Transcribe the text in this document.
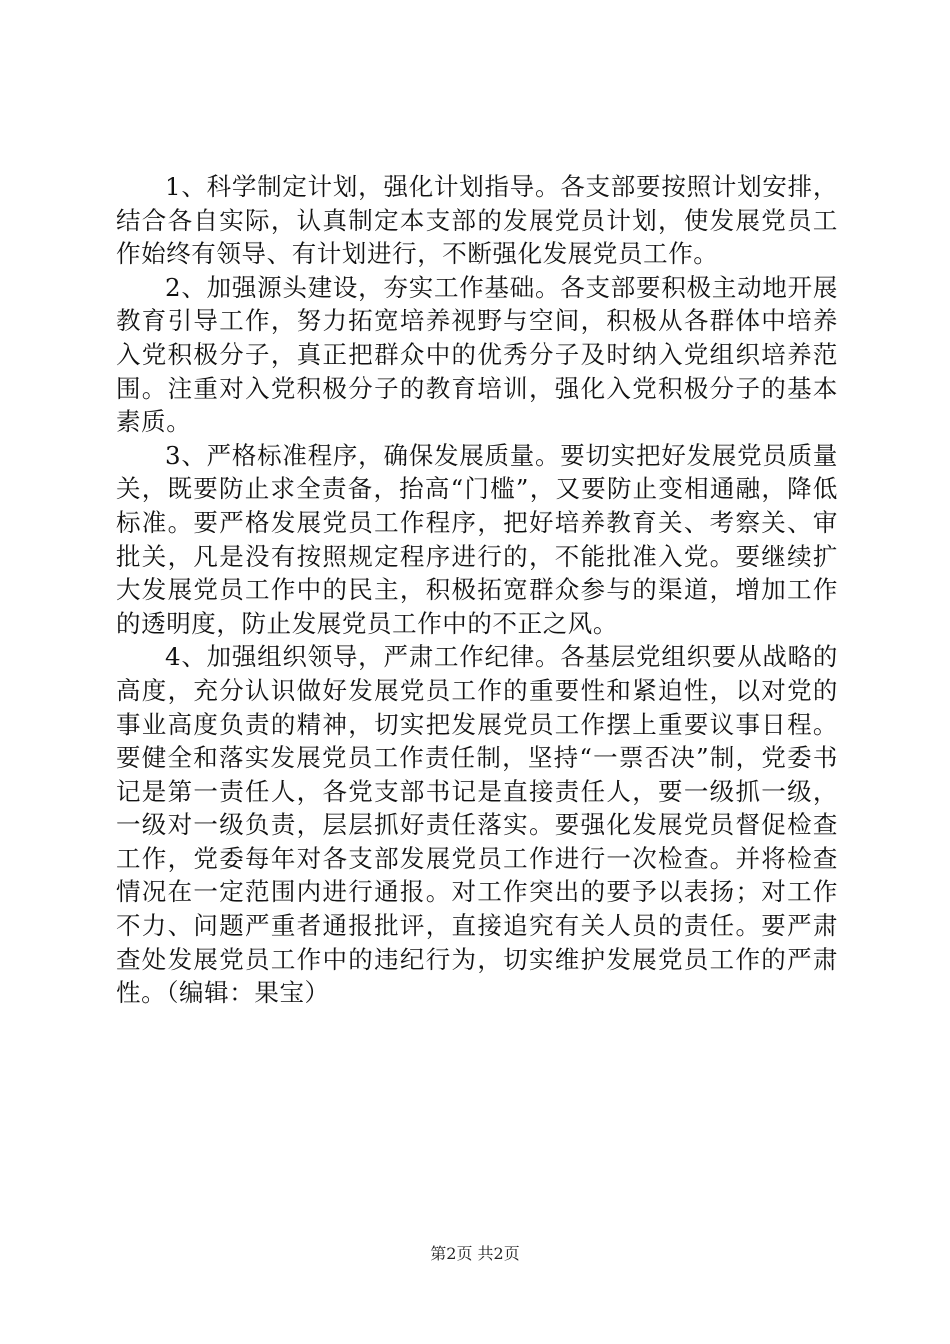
1、科学制定计划，强化计划指导。各支部要按照计划安排，结合各自实际，认真制定本支部的发展党员计划，使发展党员工作始终有领导、有计划进行，不断强化发展党员工作。

2、加强源头建设，夯实工作基础。各支部要积极主动地开展教育引导工作，努力拓宽培养视野与空间，积极从各群体中培养入党积极分子，真正把群众中的优秀分子及时纳入党组织培养范围。注重对入党积极分子的教育培训，强化入党积极分子的基本素质。

3、严格标准程序，确保发展质量。要切实把好发展党员质量关，既要防止求全责备，抬高“门槛”，又要防止变相通融，降低标准。要严格发展党员工作程序，把好培养教育关、考察关、审批关，凡是没有按照规定程序进行的，不能批准入党。要继续扩大发展党员工作中的民主，积极拓宽群众参与的渠道，增加工作的透明度，防止发展党员工作中的不正之风。

4、加强组织领导，严肃工作纪律。各基层党组织要从战略的高度，充分认识做好发展党员工作的重要性和紧迫性，以对党的事业高度负责的精神，切实把发展党员工作摆上重要议事日程。要健全和落实发展党员工作责任制，坚持“一票否决”制，党委书记是第一责任人，各党支部书记是直接责任人，要一级抓一级，一级对一级负责，层层抓好责任落实。要强化发展党员督促检查工作，党委每年对各支部发展党员工作进行一次检查。并将检查情况在一定范围内进行通报。对工作突出的要予以表扬；对工作不力、问题严重者通报批评，直接追究有关人员的责任。要严肃查处发展党员工作中的违纪行为，切实维护发展党员工作的严肃性。（编辑：果宝）

第2页 共2页
